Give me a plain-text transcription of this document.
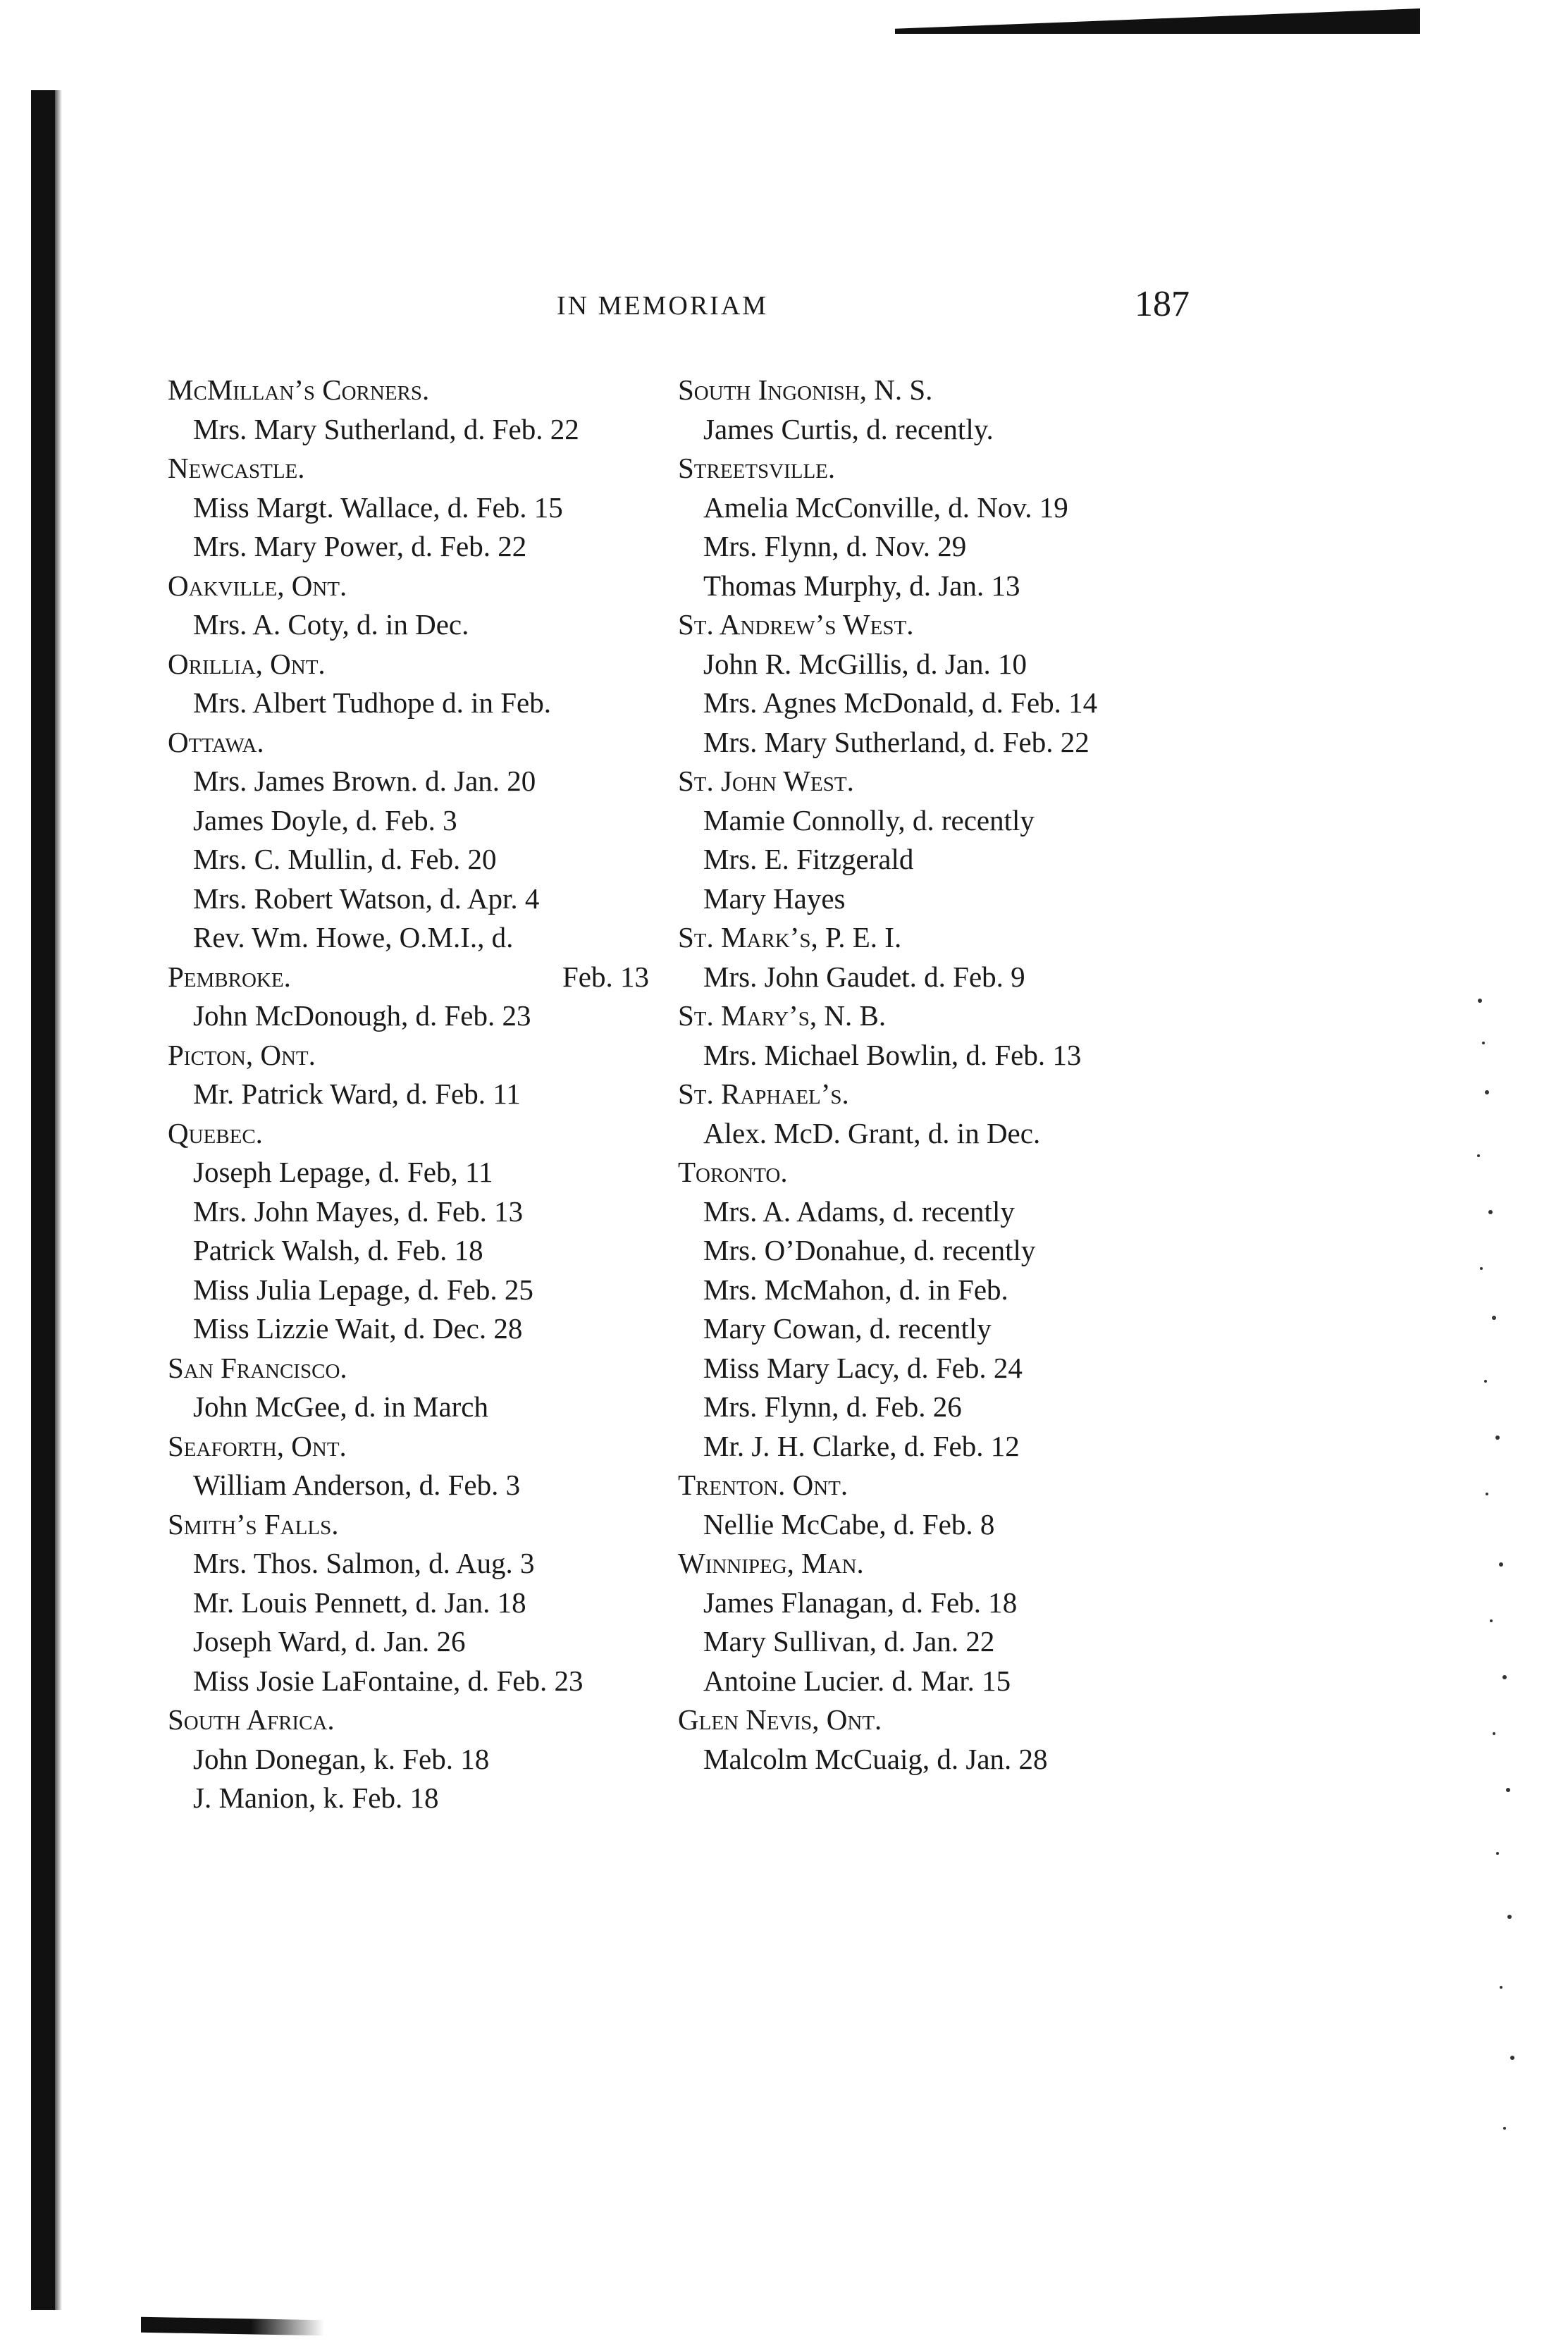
IN MEMORIAM	187
McMillan’s Corners.
Mrs. Mary Sutherland, d. Feb. 22
Newcastle.
Miss Margt. Wallace, d. Feb. 15
Mrs. Mary Power, d. Feb. 22
Oakville, Ont.
Mrs. A. Coty, d. in Dec.
Orillia, Ont.
Mrs. Albert Tudhope d. in Feb.
Ottawa.
Mrs. James Brown. d. Jan. 20
James Doyle, d. Feb. 3
Mrs. C. Mullin, d. Feb. 20
Mrs. Robert Watson, d. Apr. 4
Rev. Wm. Howe, O.M.I., d.
Pembroke.	Feb. 13
John McDonough, d. Feb. 23
Picton, Ont.
Mr. Patrick Ward, d. Feb. 11
Quebec.
Joseph Lepage, d. Feb, 11
Mrs. John Mayes, d. Feb. 13
Patrick Walsh, d. Feb. 18
Miss Julia Lepage, d. Feb. 25
Miss Lizzie Wait, d. Dec. 28
San Francisco.
John McGee, d. in March
Seaforth, Ont.
William Anderson, d. Feb. 3
Smith’s Falls.
Mrs. Thos. Salmon, d. Aug. 3
Mr. Louis Pennett, d. Jan. 18
Joseph Ward, d. Jan. 26
Miss Josie LaFontaine, d. Feb. 23
South Africa.
John Donegan, k. Feb. 18
J. Manion, k. Feb. 18
South Ingonish, N. S.
James Curtis, d. recently.
Streetsville.
Amelia McConville, d. Nov. 19
Mrs. Flynn, d. Nov. 29
Thomas Murphy, d. Jan. 13
St. Andrew’s West.
John R. McGillis, d. Jan. 10
Mrs. Agnes McDonald, d. Feb. 14
Mrs. Mary Sutherland, d. Feb. 22
St. John West.
Mamie Connolly, d. recently
Mrs. E. Fitzgerald
Mary Hayes
St. Mark’s, P. E. I.
Mrs. John Gaudet. d. Feb. 9
St. Mary’s, N. B.
Mrs. Michael Bowlin, d. Feb. 13
St. Raphael’s.
Alex. McD. Grant, d. in Dec.
Toronto.
Mrs. A. Adams, d. recently
Mrs. O’Donahue, d. recently
Mrs. McMahon, d. in Feb.
Mary Cowan, d. recently
Miss Mary Lacy, d. Feb. 24
Mrs. Flynn, d. Feb. 26
Mr. J. H. Clarke, d. Feb. 12
Trenton. Ont.
Nellie McCabe, d. Feb. 8
Winnipeg, Man.
James Flanagan, d. Feb. 18
Mary Sullivan, d. Jan. 22
Antoine Lucier. d. Mar. 15
Glen Nevis, Ont.
Malcolm McCuaig, d. Jan. 28
